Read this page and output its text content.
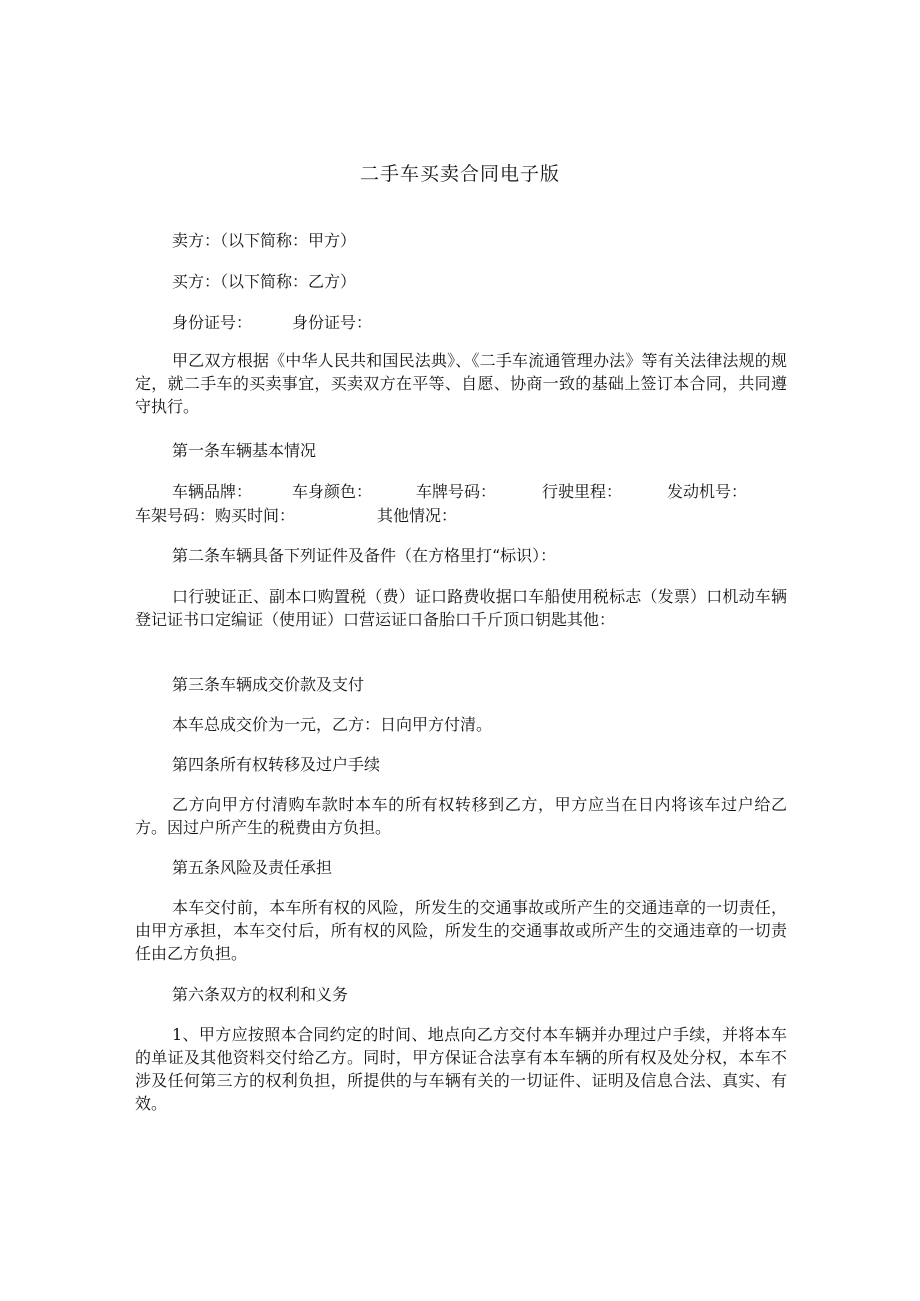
二手车买卖合同电子版
卖方：（以下简称：甲方）
买方：（以下简称：乙方）
身份证号： 身份证号：
甲乙双方根据《中华人民共和国民法典》、《二手车流通管理办法》等有关法律法规的规定，就二手车的买卖事宜，买卖双方在平等、自愿、协商一致的基础上签订本合同，共同遵守执行。
第一条车辆基本情况
车辆品牌： 车身颜色：	车牌号码：	行驶里程：	发动机号：
车架号码： 购买时间：	其他情况：
第二条车辆具备下列证件及备件（在方格里打“标识）：
口行驶证正、副本口购置税（费）证口路费收据口车船使用税标志（发票）口机动车辆登记证书口定编证（使用证）口营运证口备胎口千斤顶口钥匙其他：
第三条车辆成交价款及支付
本车总成交价为一元，乙方：日向甲方付清。
第四条所有权转移及过户手续
乙方向甲方付清购车款时本车的所有权转移到乙方，甲方应当在日内将该车过户给乙方。因过户所产生的税费由方负担。
第五条风险及责任承担
本车交付前，本车所有权的风险，所发生的交通事故或所产生的交通违章的一切责任，由甲方承担，本车交付后，所有权的风险，所发生的交通事故或所产生的交通违章的一切责任由乙方负担。
第六条双方的权利和义务
1、甲方应按照本合同约定的时间、地点向乙方交付本车辆并办理过户手续，并将本车的单证及其他资料交付给乙方。同时，甲方保证合法享有本车辆的所有权及处分权，本车不涉及任何第三方的权利负担，所提供的与车辆有关的一切证件、证明及信息合法、真实、有效。
